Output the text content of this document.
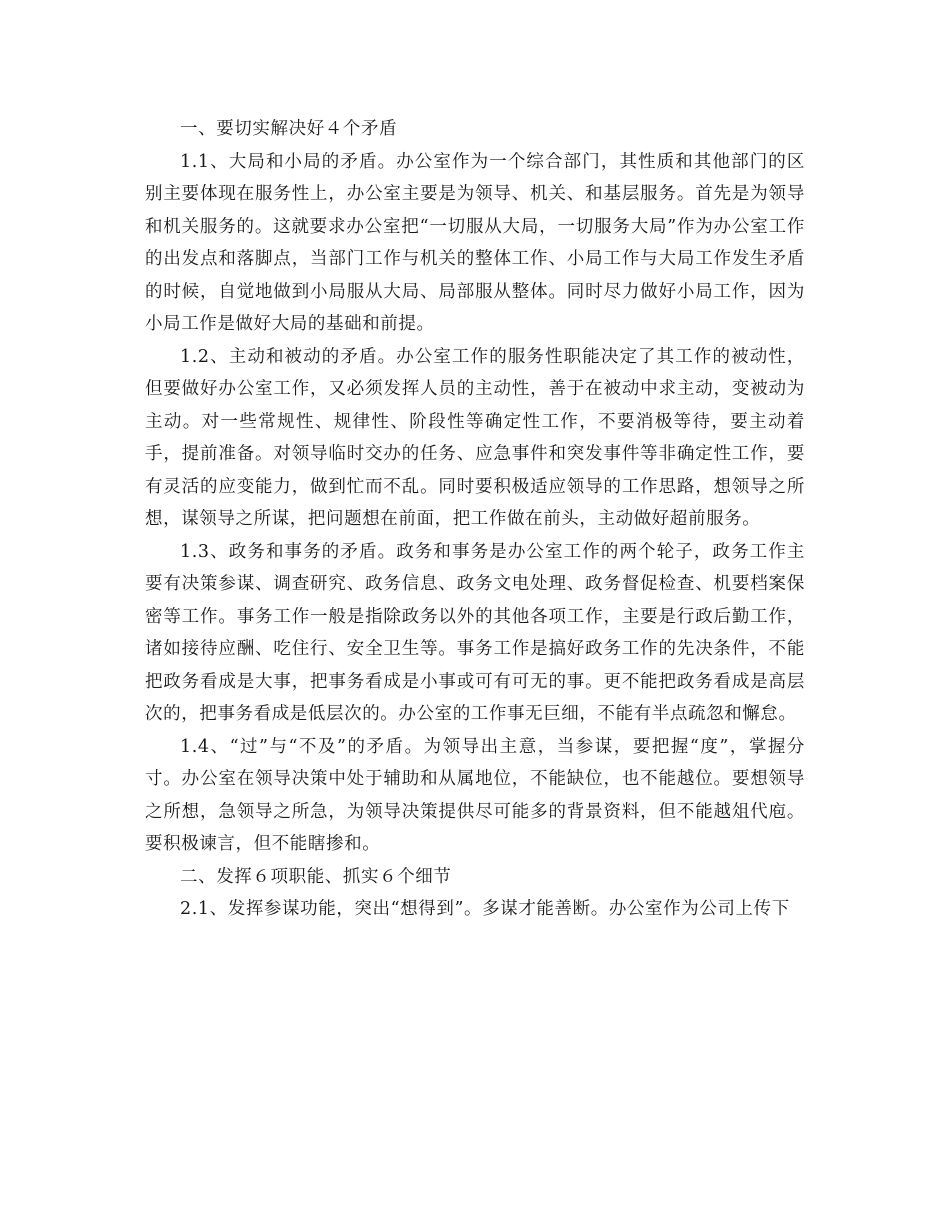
一、要切实解决好４个矛盾

1.1、大局和小局的矛盾。办公室作为一个综合部门，其性质和其他部门的区别主要体现在服务性上，办公室主要是为领导、机关、和基层服务。首先是为领导和机关服务的。这就要求办公室把“一切服从大局，一切服务大局”作为办公室工作的出发点和落脚点，当部门工作与机关的整体工作、小局工作与大局工作发生矛盾的时候，自觉地做到小局服从大局、局部服从整体。同时尽力做好小局工作，因为小局工作是做好大局的基础和前提。

1.2、主动和被动的矛盾。办公室工作的服务性职能决定了其工作的被动性，但要做好办公室工作，又必须发挥人员的主动性，善于在被动中求主动，变被动为主动。对一些常规性、规律性、阶段性等确定性工作，不要消极等待，要主动着手，提前准备。对领导临时交办的任务、应急事件和突发事件等非确定性工作，要有灵活的应变能力，做到忙而不乱。同时要积极适应领导的工作思路，想领导之所想，谋领导之所谋，把问题想在前面，把工作做在前头，主动做好超前服务。

1.3、政务和事务的矛盾。政务和事务是办公室工作的两个轮子，政务工作主要有决策参谋、调查研究、政务信息、政务文电处理、政务督促检查、机要档案保密等工作。事务工作一般是指除政务以外的其他各项工作，主要是行政后勤工作，诸如接待应酬、吃住行、安全卫生等。事务工作是搞好政务工作的先决条件，不能把政务看成是大事，把事务看成是小事或可有可无的事。更不能把政务看成是高层次的，把事务看成是低层次的。办公室的工作事无巨细，不能有半点疏忽和懈怠。

1.4、“过”与“不及”的矛盾。为领导出主意，当参谋，要把握“度”，掌握分寸。办公室在领导决策中处于辅助和从属地位，不能缺位，也不能越位。要想领导之所想，急领导之所急，为领导决策提供尽可能多的背景资料，但不能越俎代庖。要积极谏言，但不能瞎掺和。

二、发挥６项职能、抓实６个细节

2.1、发挥参谋功能，突出“想得到”。多谋才能善断。办公室作为公司上传下
